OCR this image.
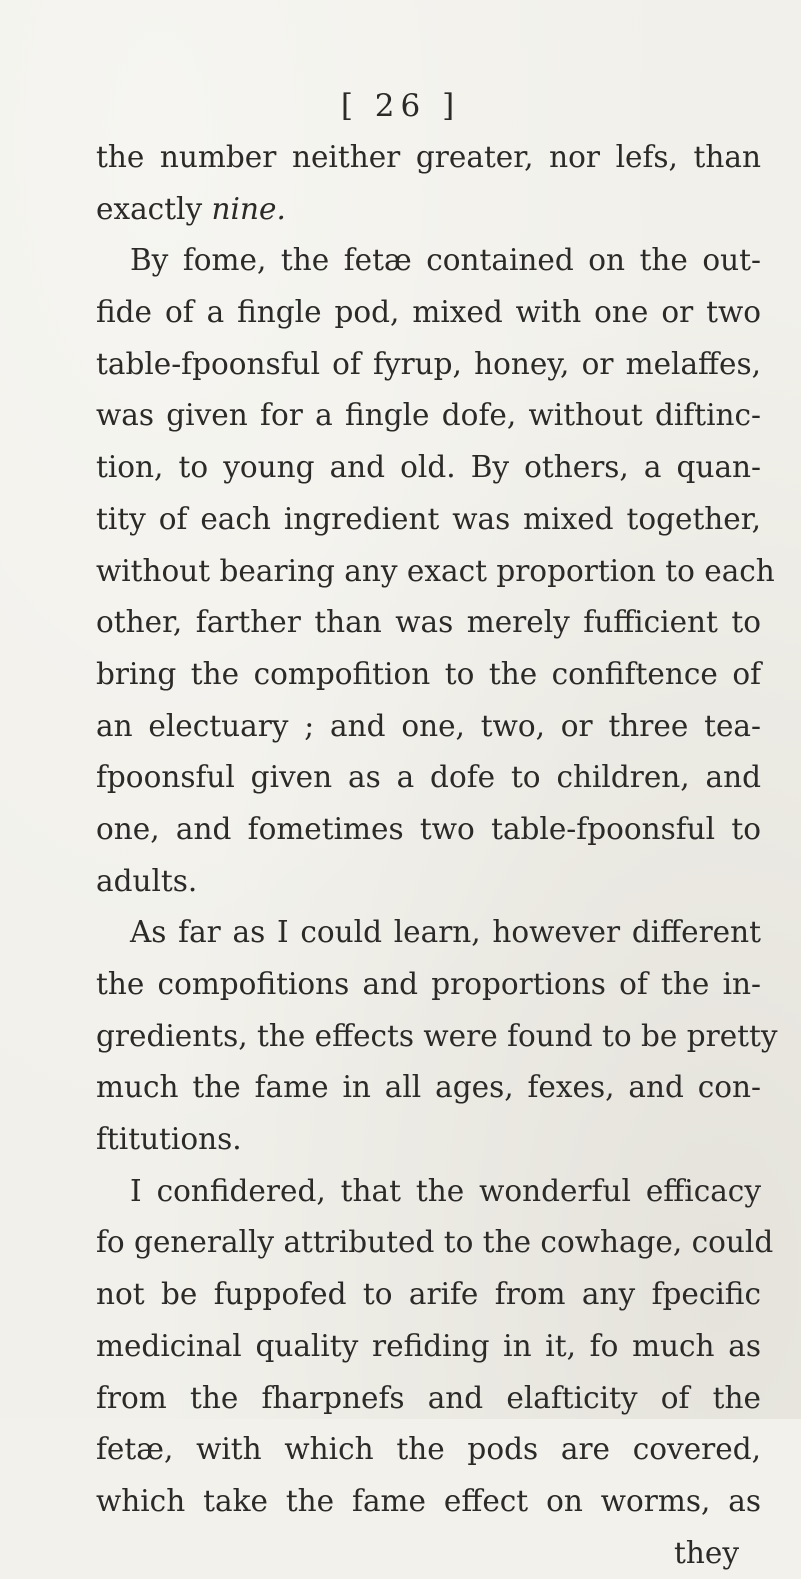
[ 26 ]
the number neither greater, nor lefs, than
exactly nine.
By fome, the fetæ contained on the out-
fide of a fingle pod, mixed with one or two
table-fpoonsful of fyrup, honey, or melaffes,
was given for a fingle dofe, without diftinc-
tion, to young and old. By others, a quan-
tity of each ingredient was mixed together,
without bearing any exact proportion to each
other, farther than was merely fufficient to
bring the compofition to the confiftence of
an electuary ; and one, two, or three tea-
fpoonsful given as a dofe to children, and
one, and fometimes two table-fpoonsful to
adults.
As far as I could learn, however different
the compofitions and proportions of the in-
gredients, the effects were found to be pretty
much the fame in all ages, fexes, and con-
ftitutions.
I confidered, that the wonderful efficacy
fo generally attributed to the cowhage, could
not be fuppofed to arife from any fpecific
medicinal quality refiding in it, fo much as
from the fharpnefs and elafticity of the
fetæ, with which the pods are covered,
which take the fame effect on worms, as
they
